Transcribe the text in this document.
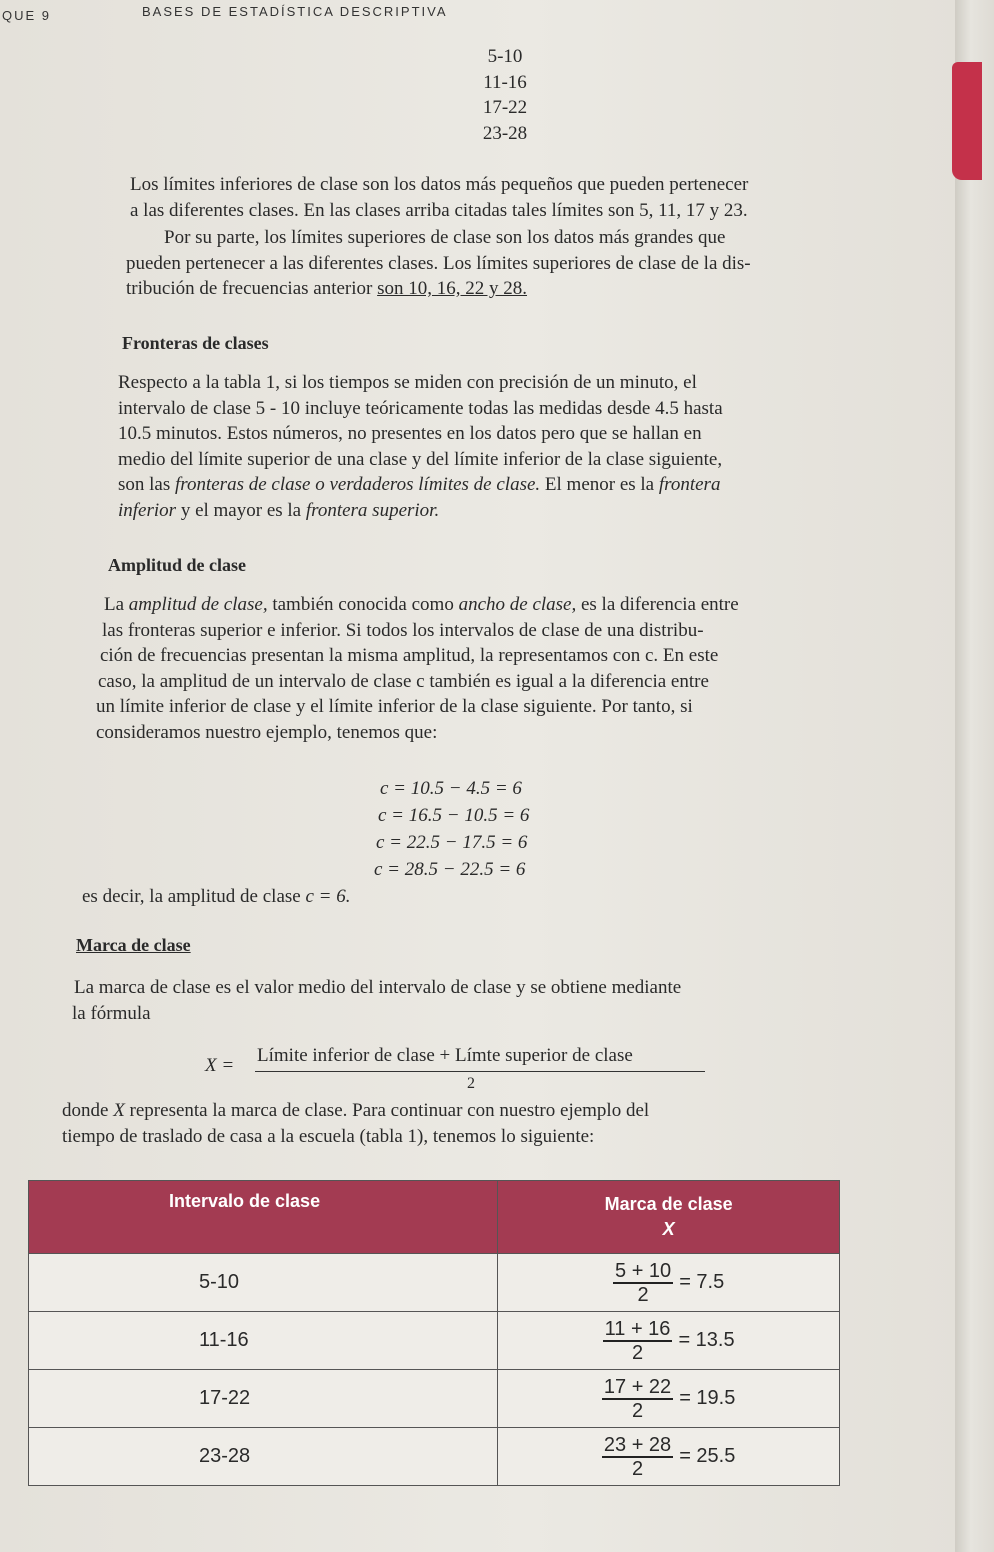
QUE 9	BASES DE ESTADÍSTICA DESCRIPTIVA
5-10
11-16
17-22
23-28

Los límites inferiores de clase son los datos más pequeños que pueden pertenecer
a las diferentes clases. En las clases arriba citadas tales límites son 5, 11, 17 y 23.

Por su parte, los límites superiores de clase son los datos más grandes que
pueden pertenecer a las diferentes clases. Los límites superiores de clase de la dis-
tribución de frecuencias anterior son 10, 16, 22 y 28.

Fronteras de clases

Respecto a la tabla 1, si los tiempos se miden con precisión de un minuto, el
intervalo de clase 5 - 10 incluye teóricamente todas las medidas desde 4.5 hasta
10.5 minutos. Estos números, no presentes en los datos pero que se hallan en
medio del límite superior de una clase y del límite inferior de la clase siguiente,
son las fronteras de clase o verdaderos límites de clase. El menor es la frontera
inferior y el mayor es la frontera superior.

Amplitud de clase

La amplitud de clase, también conocida como ancho de clase, es la diferencia entre
las fronteras superior e inferior. Si todos los intervalos de clase de una distribu-
ción de frecuencias presentan la misma amplitud, la representamos con c. En este
caso, la amplitud de un intervalo de clase c también es igual a la diferencia entre
un límite inferior de clase y el límite inferior de la clase siguiente. Por tanto, si
consideramos nuestro ejemplo, tenemos que:

c = 10.5 − 4.5 = 6
c = 16.5 − 10.5 = 6
c = 22.5 − 17.5 = 6
c = 28.5 − 22.5 = 6

es decir, la amplitud de clase c = 6.

Marca de clase

La marca de clase es el valor medio del intervalo de clase y se obtiene mediante
la fórmula

X = Límite inferior de clase + Límte superior de clase
2

donde X representa la marca de clase. Para continuar con nuestro ejemplo del
tiempo de traslado de casa a la escuela (tabla 1), tenemos lo siguiente:

Intervalo de clase	Marca de clase
X

5-10	$\frac{5 + 10}{2} = 7.5$
11-16	$\frac{11 + 16}{2} = 13.5$
17-22	$\frac{17 + 22}{2} = 19.5$
23-28	$\frac{23 + 28}{2} = 25.5$
